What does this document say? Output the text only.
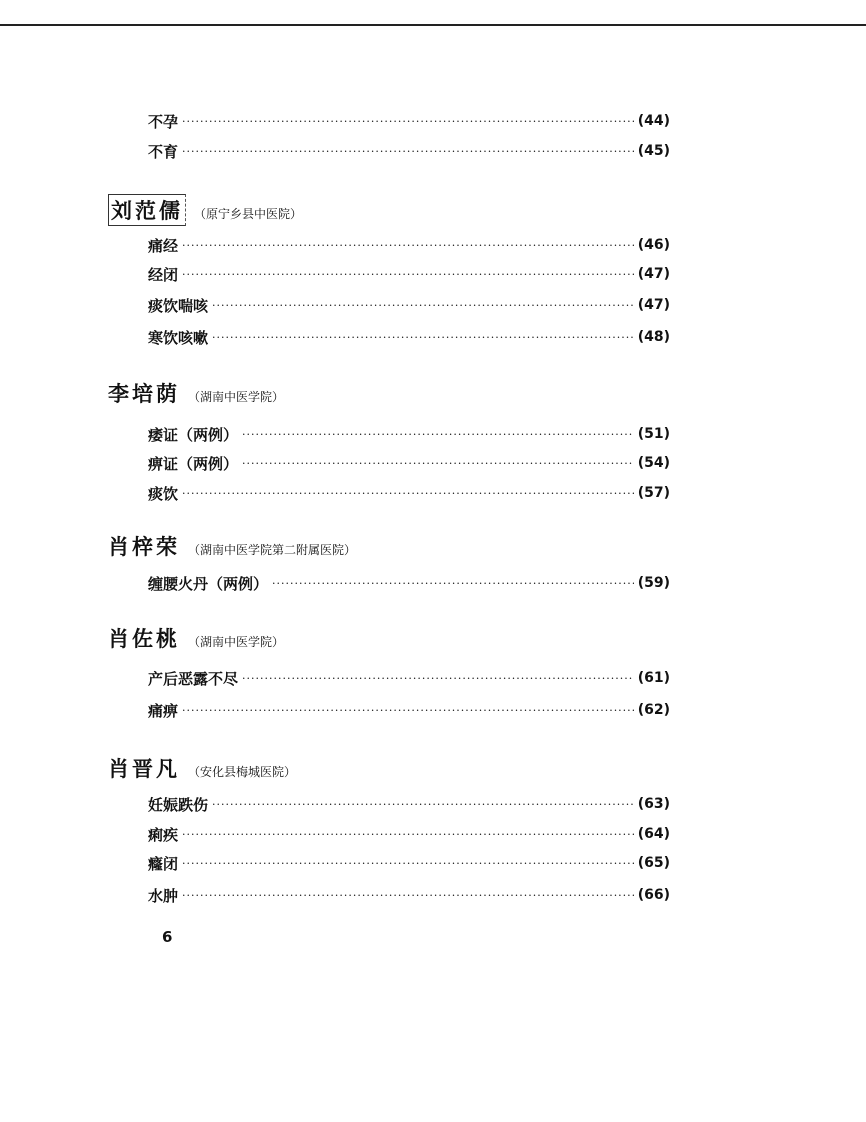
不孕 ·····	(44)
不育 ·····	(45)
刘范儒 （原宁乡县中医院）
痛经 ·····	(46)
经闭 ·····	(47)
痰饮喘咳 ·····	(47)
寒饮咳嗽 ·····	(48)
李培荫 （湖南中医学院）
痿证（两例） ·····	(51)
痹证（两例） ·····	(54)
痰饮 ·····	(57)
肖梓荣 （湖南中医学院第二附属医院）
缠腰火丹（两例） ·····	(59)
肖佐桃 （湖南中医学院）
产后恶露不尽 ·····	(61)
痛痹 ·····	(62)
肖晋凡 （安化县梅城医院）
妊娠跌伤 ·····	(63)
痢疾 ·····	(64)
癃闭 ·····	(65)
水肿 ·····	(66)
6
